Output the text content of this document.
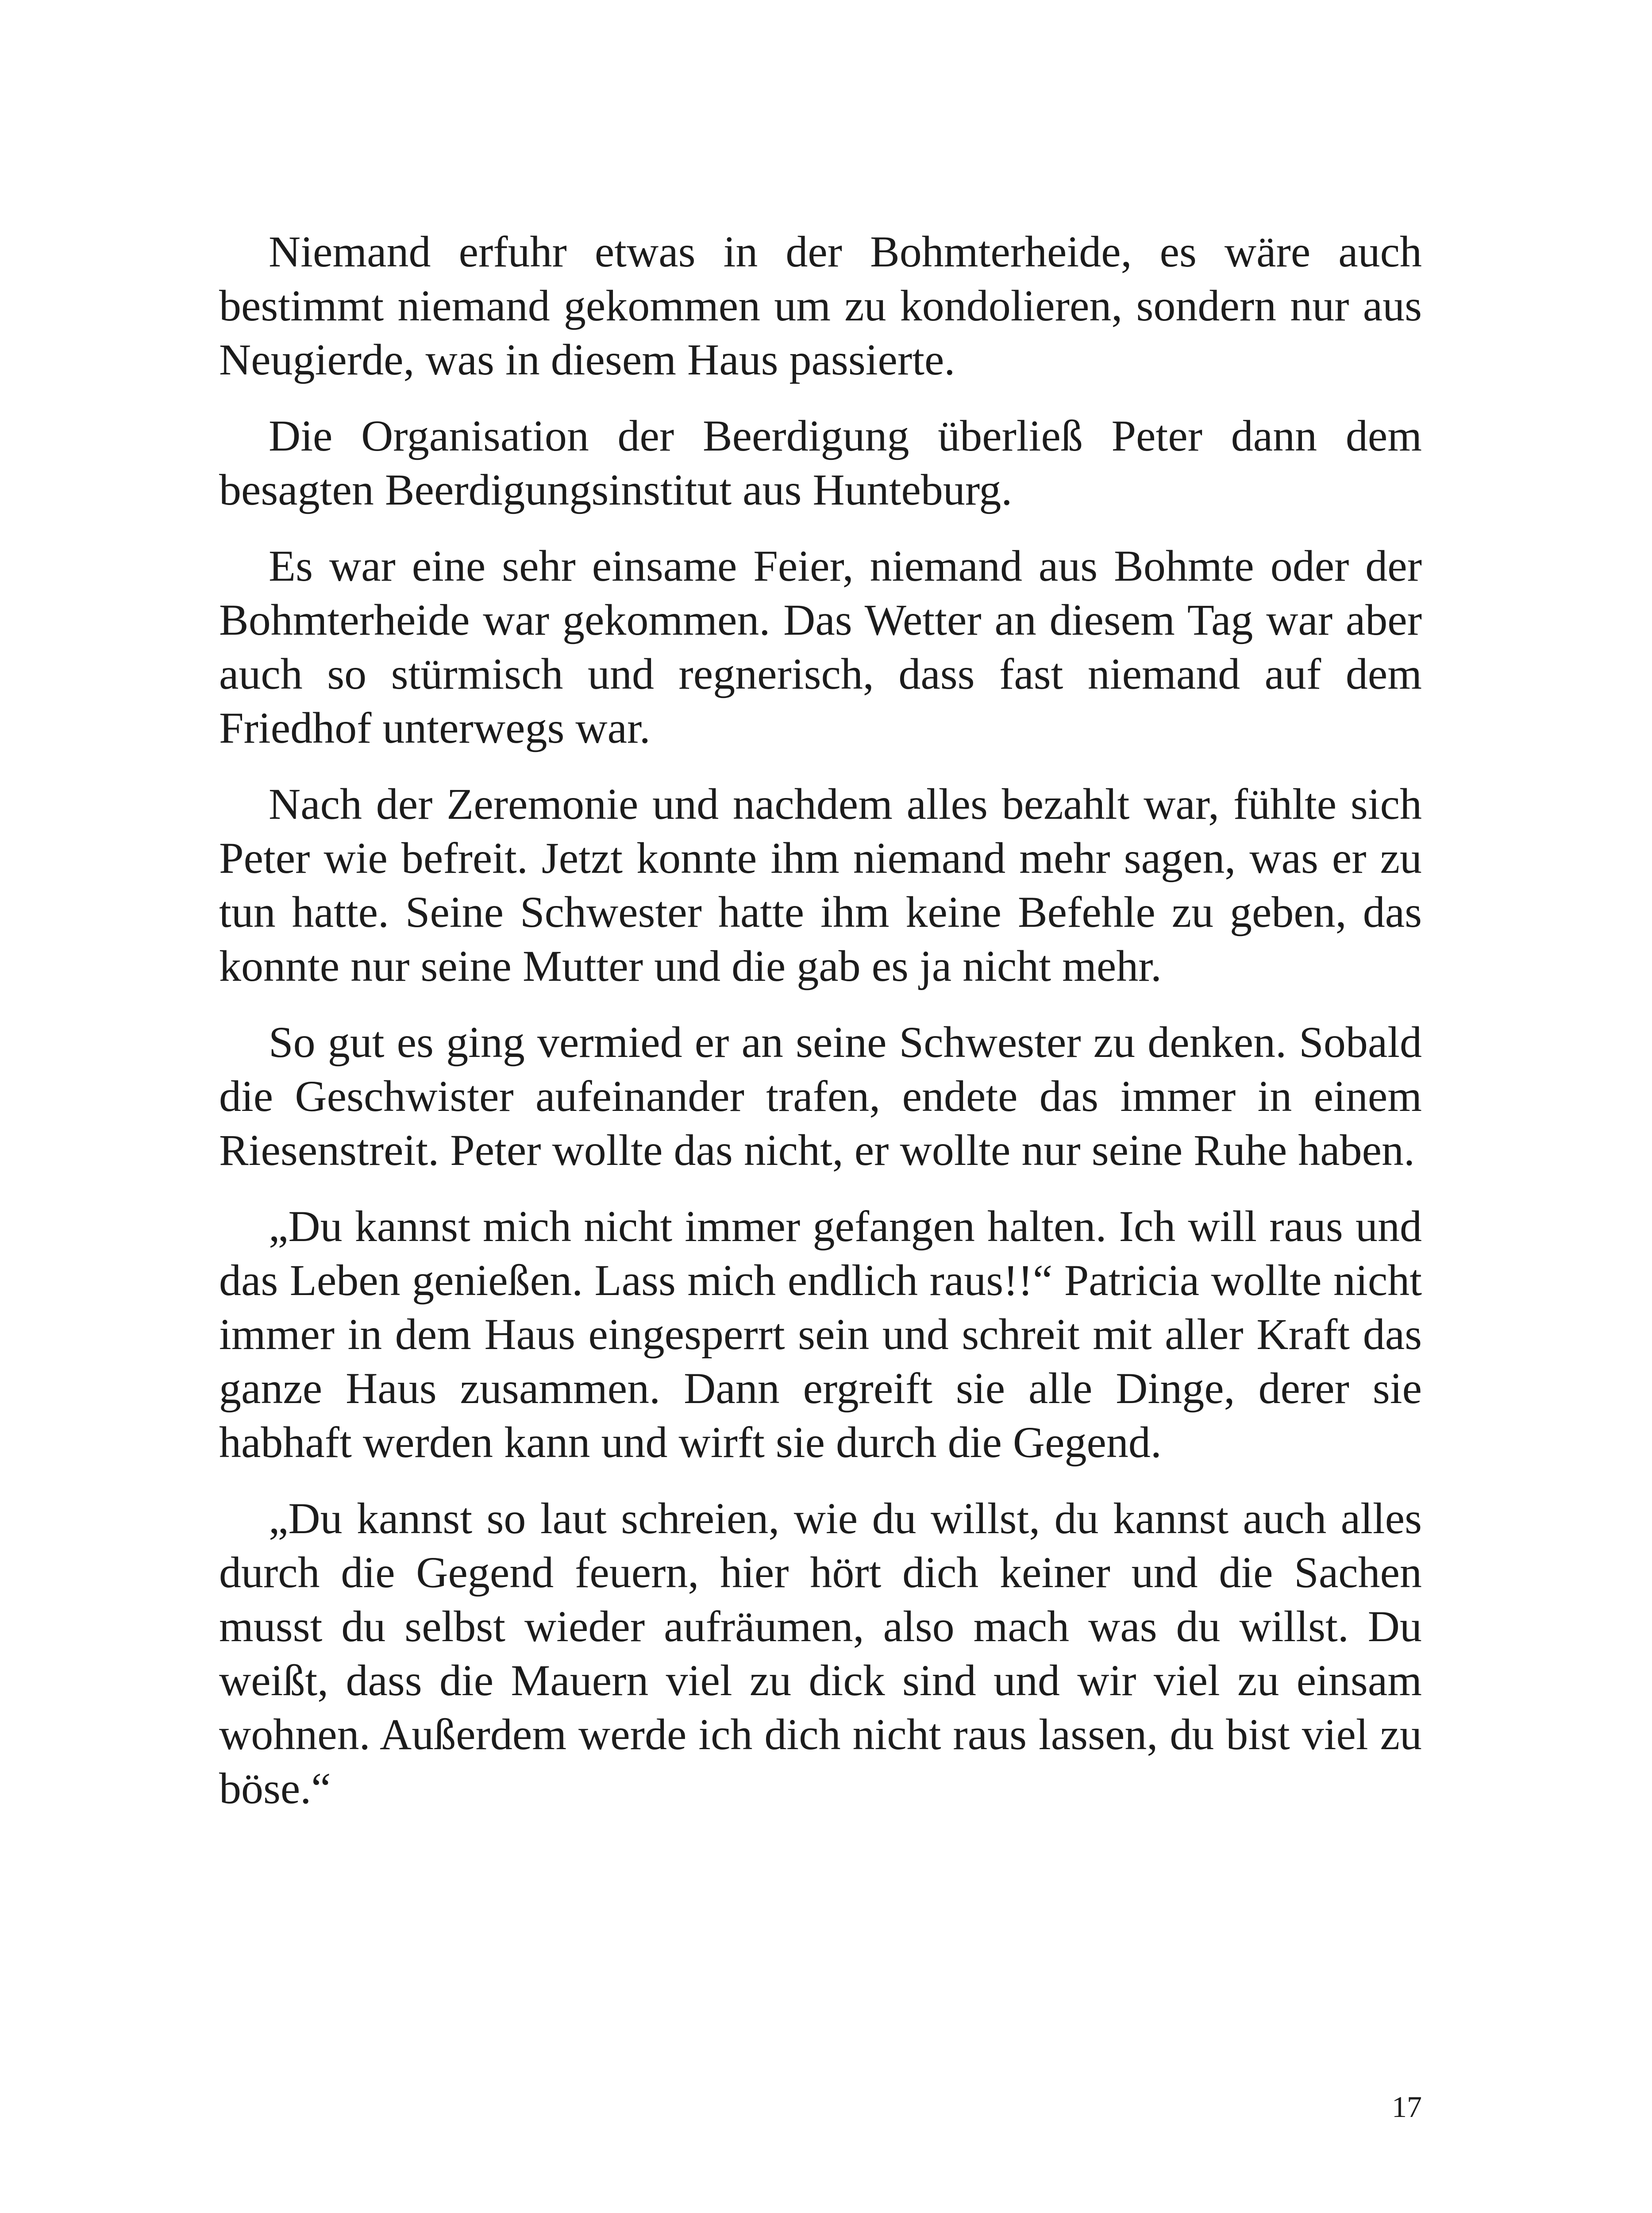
Niemand erfuhr etwas in der Bohmterheide, es wäre auch bestimmt niemand gekommen um zu kondolieren, sondern nur aus Neugierde, was in diesem Haus passierte.

Die Organisation der Beerdigung überließ Peter dann dem besagten Beerdigungsinstitut aus Hunteburg.

Es war eine sehr einsame Feier, niemand aus Bohmte oder der Bohmterheide war gekommen. Das Wetter an diesem Tag war aber auch so stürmisch und regnerisch, dass fast niemand auf dem Friedhof unterwegs war.

Nach der Zeremonie und nachdem alles bezahlt war, fühlte sich Peter wie befreit. Jetzt konnte ihm niemand mehr sagen, was er zu tun hatte. Seine Schwester hatte ihm keine Befehle zu geben, das konnte nur seine Mutter und die gab es ja nicht mehr.

So gut es ging vermied er an seine Schwester zu denken. Sobald die Geschwister aufeinander trafen, endete das immer in einem Riesenstreit. Peter wollte das nicht, er wollte nur seine Ruhe haben.

„Du kannst mich nicht immer gefangen halten. Ich will raus und das Leben genießen. Lass mich endlich raus!!“ Patricia wollte nicht immer in dem Haus eingesperrt sein und schreit mit aller Kraft das ganze Haus zusammen. Dann ergreift sie alle Dinge, derer sie habhaft werden kann und wirft sie durch die Gegend.

„Du kannst so laut schreien, wie du willst, du kannst auch alles durch die Gegend feuern, hier hört dich keiner und die Sachen musst du selbst wieder aufräumen, also mach was du willst. Du weißt, dass die Mauern viel zu dick sind und wir viel zu einsam wohnen. Außerdem werde ich dich nicht raus lassen, du bist viel zu böse.“

17
